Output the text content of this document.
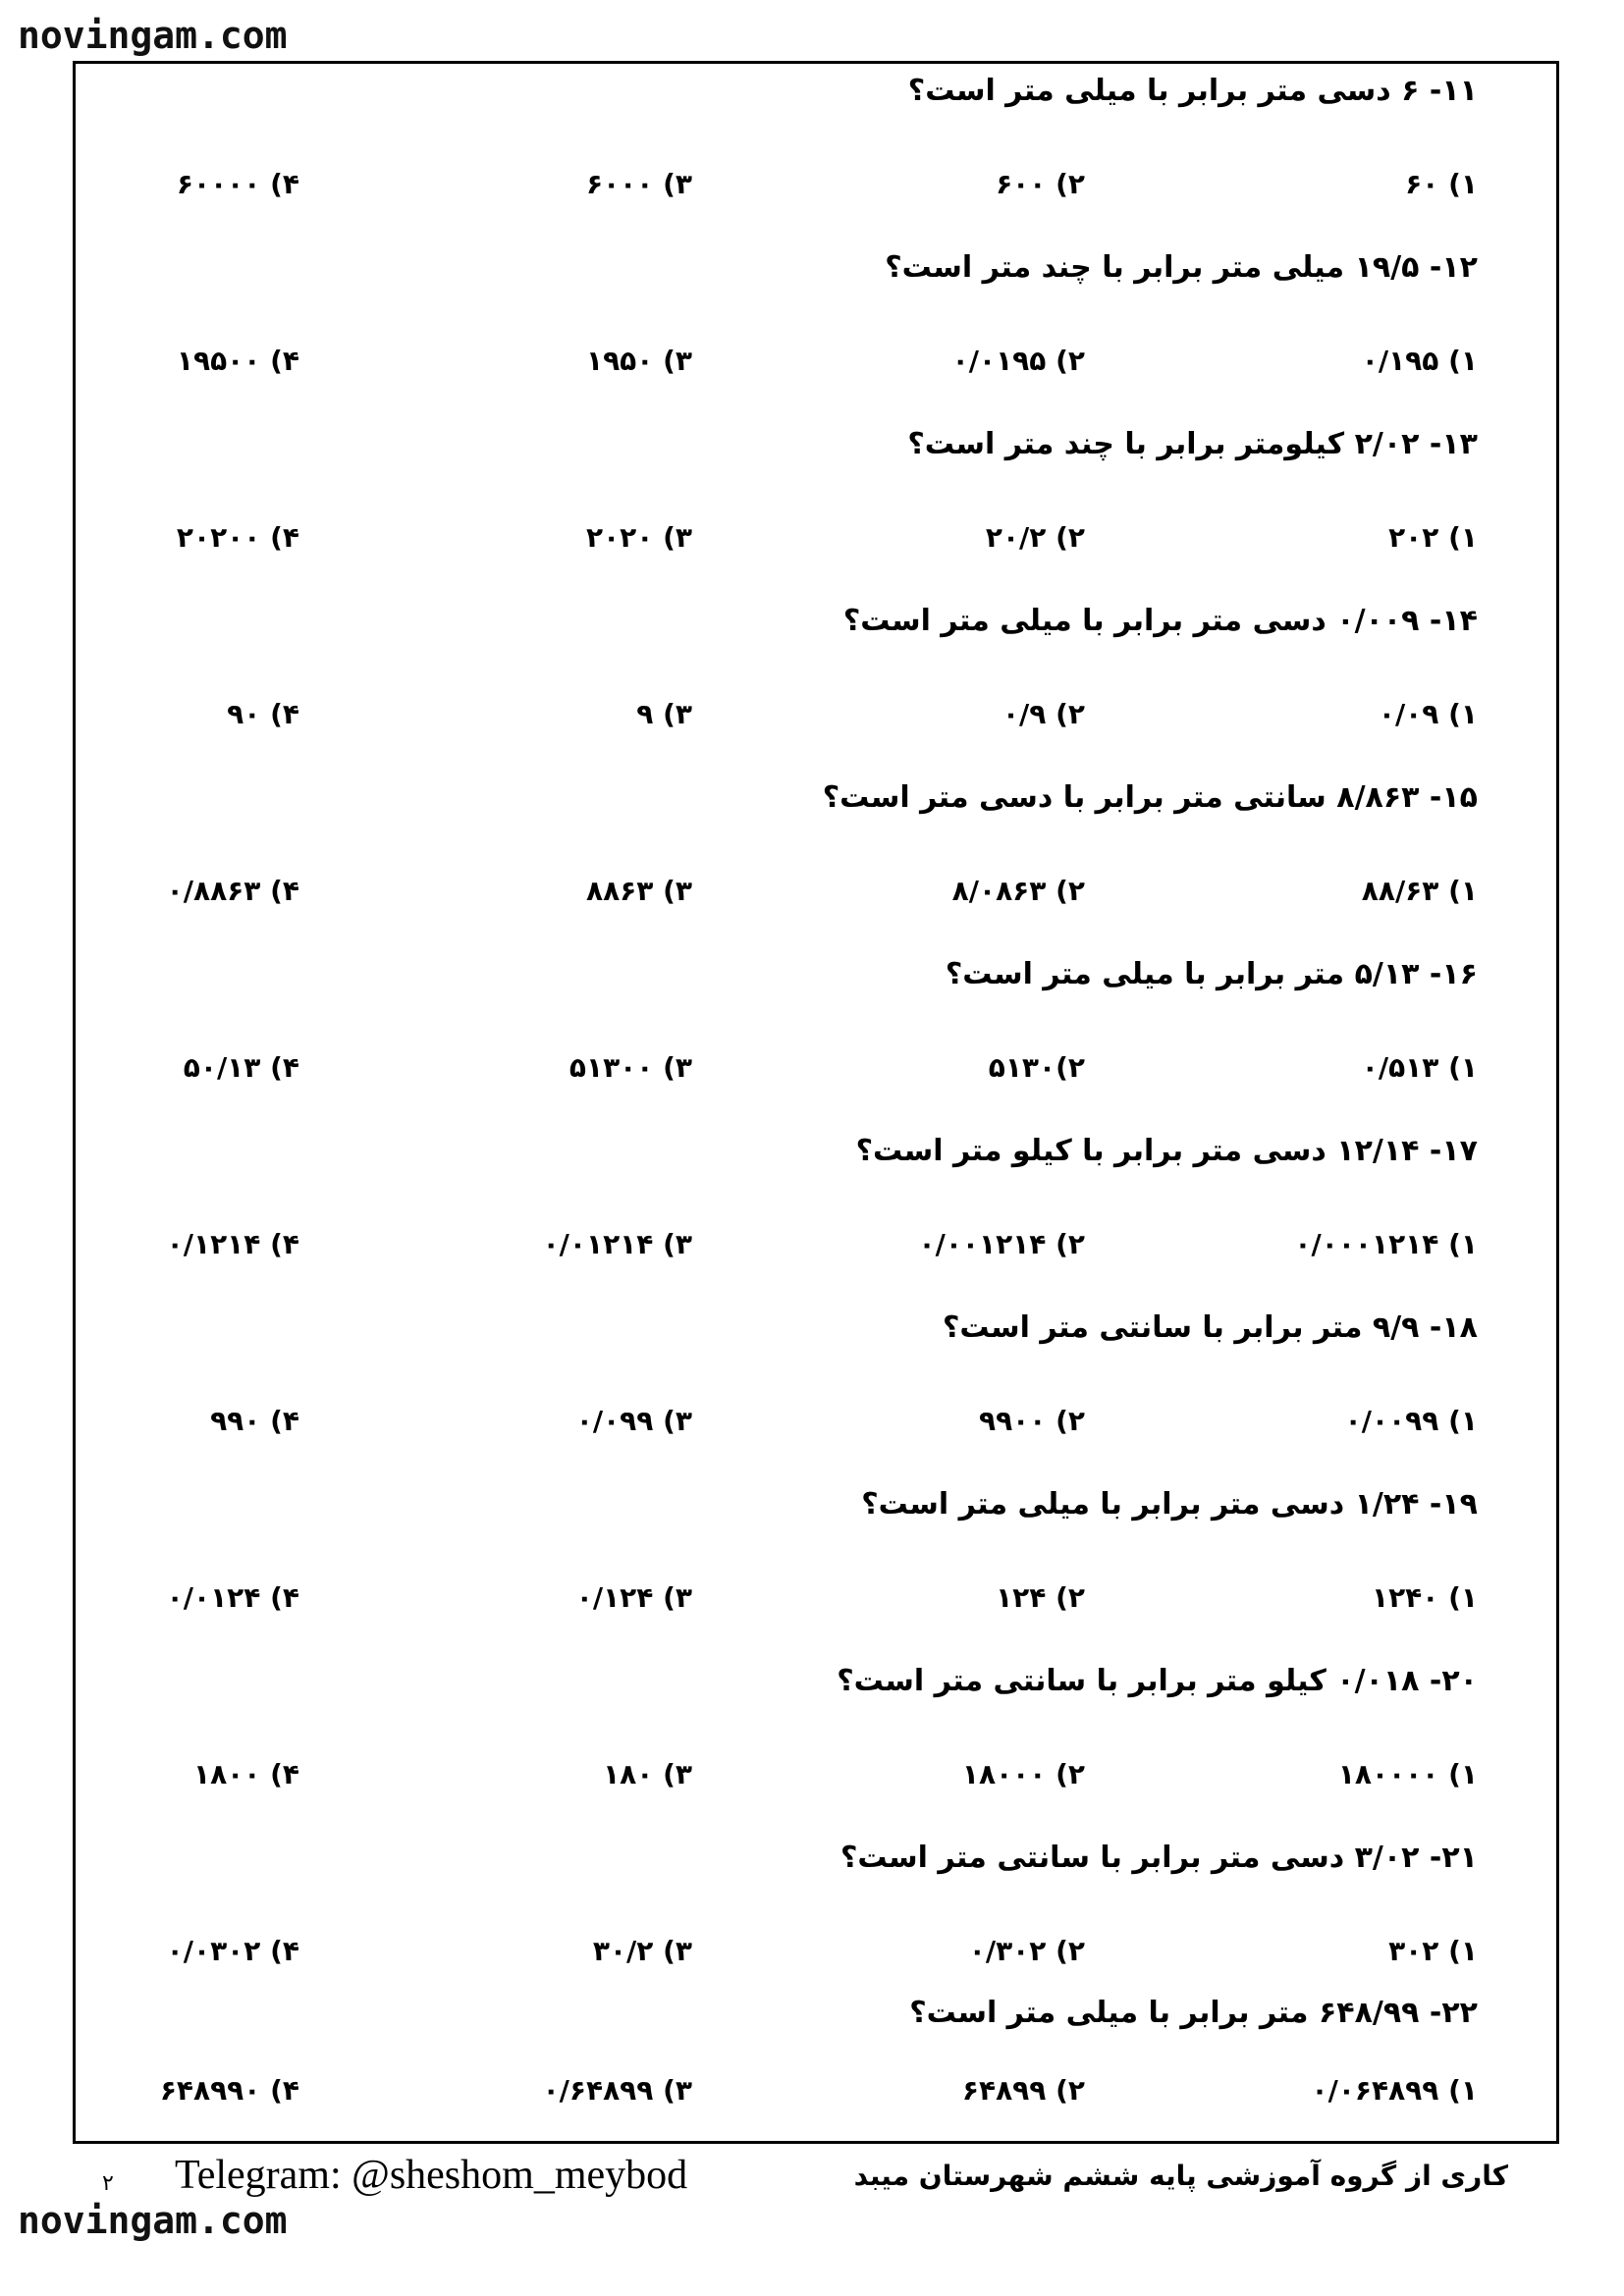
novingam.com
۱۱- ۶ دسی متر برابر با میلی متر است؟
۱) ۶۰
۲) ۶۰۰
۳) ۶۰۰۰
۴) ۶۰۰۰۰
۱۲- ۱۹/۵ میلی متر برابر با چند متر است؟
۱) ۰/۱۹۵
۲) ۰/۰۱۹۵
۳) ۱۹۵۰
۴) ۱۹۵۰۰
۱۳- ۲/۰۲ کیلومتر برابر با چند متر است؟
۱) ۲۰۲
۲) ۲۰/۲
۳) ۲۰۲۰
۴) ۲۰۲۰۰
۱۴- ۰/۰۰۹ دسی متر برابر با میلی متر است؟
۱) ۰/۰۹
۲) ۰/۹
۳) ۹
۴) ۹۰
۱۵- ۸/۸۶۳ سانتی متر برابر با دسی متر است؟
۱) ۸۸/۶۳
۲) ۸/۰۸۶۳
۳) ۸۸۶۳
۴) ۰/۸۸۶۳
۱۶- ۵/۱۳ متر برابر با میلی متر است؟
۱) ۰/۵۱۳
۲)۵۱۳۰
۳) ۵۱۳۰۰
۴) ۵۰/۱۳
۱۷- ۱۲/۱۴ دسی متر برابر با کیلو متر است؟
۱) ۰/۰۰۰۱۲۱۴
۲) ۰/۰۰۱۲۱۴
۳) ۰/۰۱۲۱۴
۴) ۰/۱۲۱۴
۱۸- ۹/۹ متر برابر با سانتی متر است؟
۱) ۰/۰۰۹۹
۲) ۹۹۰۰
۳) ۰/۰۹۹
۴) ۹۹۰
۱۹- ۱/۲۴ دسی متر برابر با میلی متر است؟
۱) ۱۲۴۰
۲) ۱۲۴
۳) ۰/۱۲۴
۴) ۰/۰۱۲۴
۲۰- ۰/۰۱۸ کیلو متر برابر با سانتی متر است؟
۱) ۱۸۰۰۰۰
۲) ۱۸۰۰۰
۳) ۱۸۰
۴) ۱۸۰۰
۲۱- ۳/۰۲ دسی متر برابر با سانتی متر است؟
۱) ۳۰۲
۲) ۰/۳۰۲
۳) ۳۰/۲
۴) ۰/۰۳۰۲
۲۲- ۶۴۸/۹۹ متر برابر با میلی متر است؟
۱) ۰/۰۶۴۸۹۹
۲) ۶۴۸۹۹
۳) ۰/۶۴۸۹۹
۴) ۶۴۸۹۹۰
کاری از گروه آموزشی پایه ششم شهرستان میبد
Telegram: @sheshom_meybod
۲
novingam.com
